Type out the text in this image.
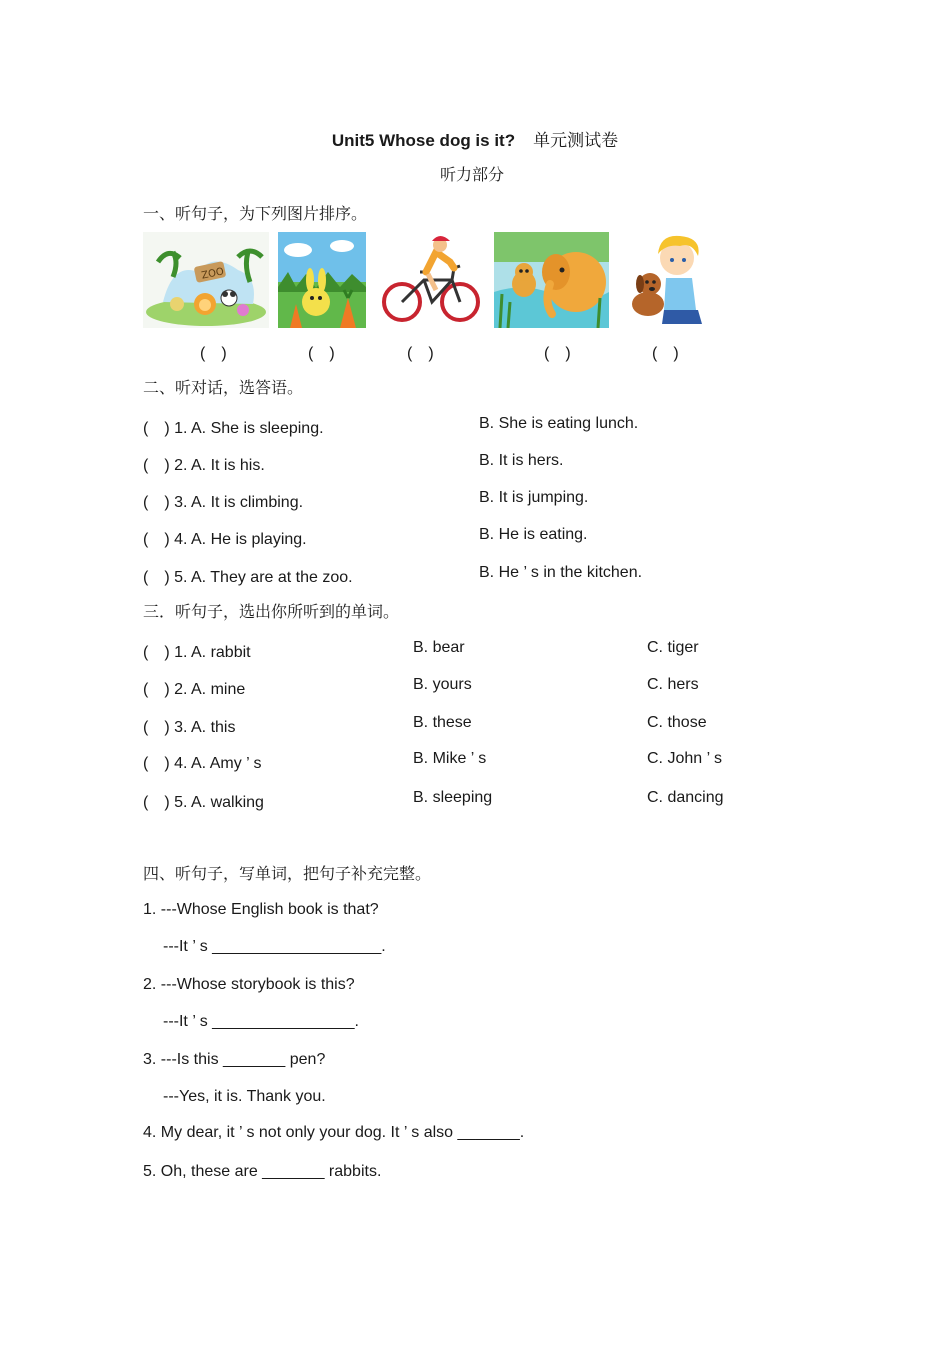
Unit5 Whose dog is it? 单元测试卷
听力部分
一、听句子，为下列图片排序。
ZOO
(　)	(　)	(　)	(　)	(　)
二、听对话，选答语。
(　) 1. A. She is sleeping.	B. She is eating lunch.
(　) 2. A. It is his.	B. It is hers.
(　) 3. A. It is climbing.	B. It is jumping.
(　) 4. A. He is playing.	B. He is eating.
(　) 5. A. They are at the zoo.	B. He ’ s in the kitchen.
三．听句子，选出你所听到的单词。
(　) 1. A. rabbit	B. bear	C. tiger
(　) 2. A. mine	B. yours	C. hers
(　) 3. A. this	B. these	C. those
(　) 4. A. Amy ’ s	B. Mike ’ s	C. John ’ s
(　) 5. A. walking	B. sleeping	C. dancing
四、听句子，写单词，把句子补充完整。
1. ---Whose English book is that?
---It ’ s ___________________.
2. ---Whose storybook is this?
---It ’ s ________________.
3. ---Is this _______ pen?
---Yes, it is. Thank you.
4. My dear, it ’ s not only your dog. It ’ s also _______.
5. Oh, these are _______ rabbits.
